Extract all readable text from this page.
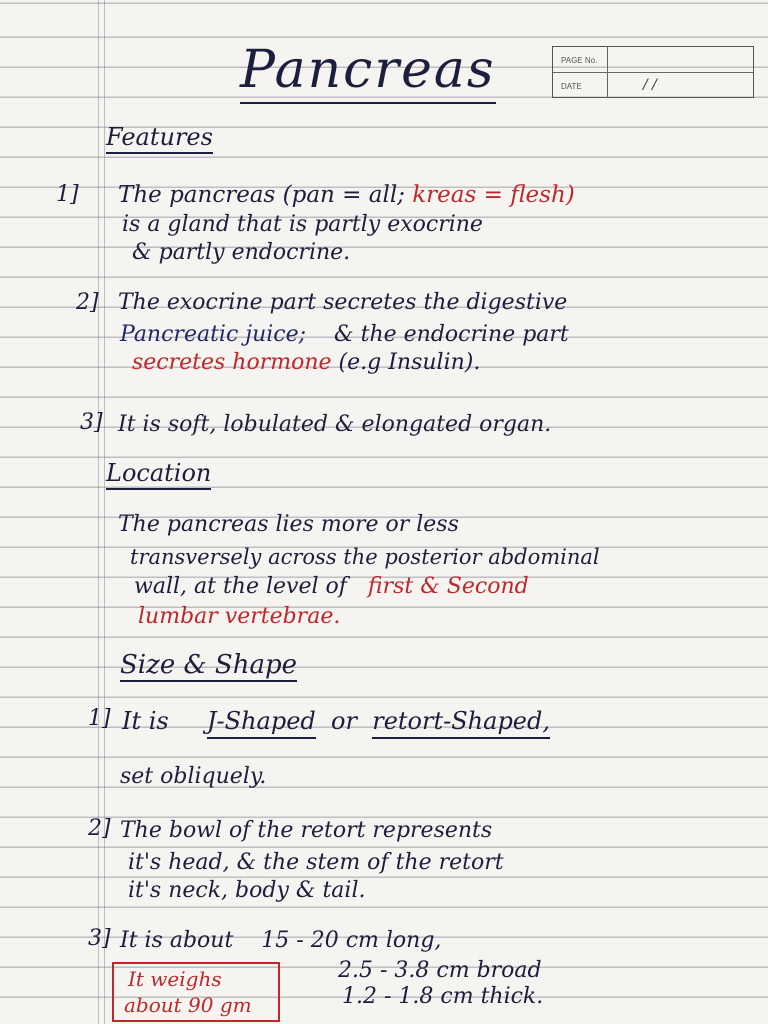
PAGE No.
DATE	/ /
Pancreas
Features
1] The pancreas (pan = all; kreas = flesh)
is a gland that is partly exocrine
& partly endocrine.
2] The exocrine part secretes the digestive
Pancreatic juice; & the endocrine part
secretes hormone (e.g Insulin).
3] It is soft, lobulated & elongated organ.
Location
The pancreas lies more or less
transversely across the posterior abdominal
wall, at the level of first & Second
lumbar vertebrae.
Size & Shape
1] It is J-Shaped or retort-Shaped,
set obliquely.
2] The bowl of the retort represents
it's head, & the stem of the retort
it's neck, body & tail.
3] It is about 15 - 20 cm long,
2.5 - 3.8 cm broad
1.2 - 1.8 cm thick.
It weighs
about 90 gm
